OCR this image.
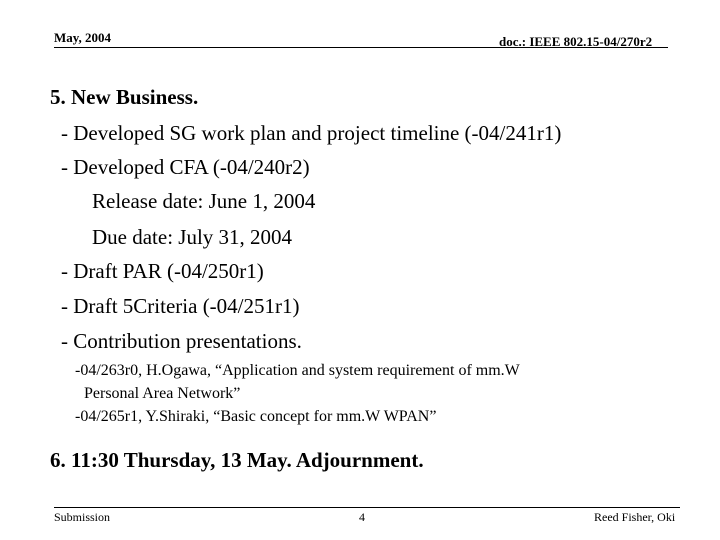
May, 2004	doc.: IEEE 802.15-04/270r2
5. New Business.
- Developed SG work plan and project timeline (-04/241r1)
- Developed CFA (-04/240r2)
Release date: June 1, 2004
Due date: July 31, 2004
- Draft PAR (-04/250r1)
- Draft 5Criteria (-04/251r1)
- Contribution presentations.
-04/263r0, H.Ogawa, “Application and system requirement of mm.W
Personal Area Network”
-04/265r1, Y.Shiraki, “Basic concept for mm.W WPAN”
6. 11:30 Thursday, 13 May. Adjournment.
Submission	4	Reed Fisher, Oki
